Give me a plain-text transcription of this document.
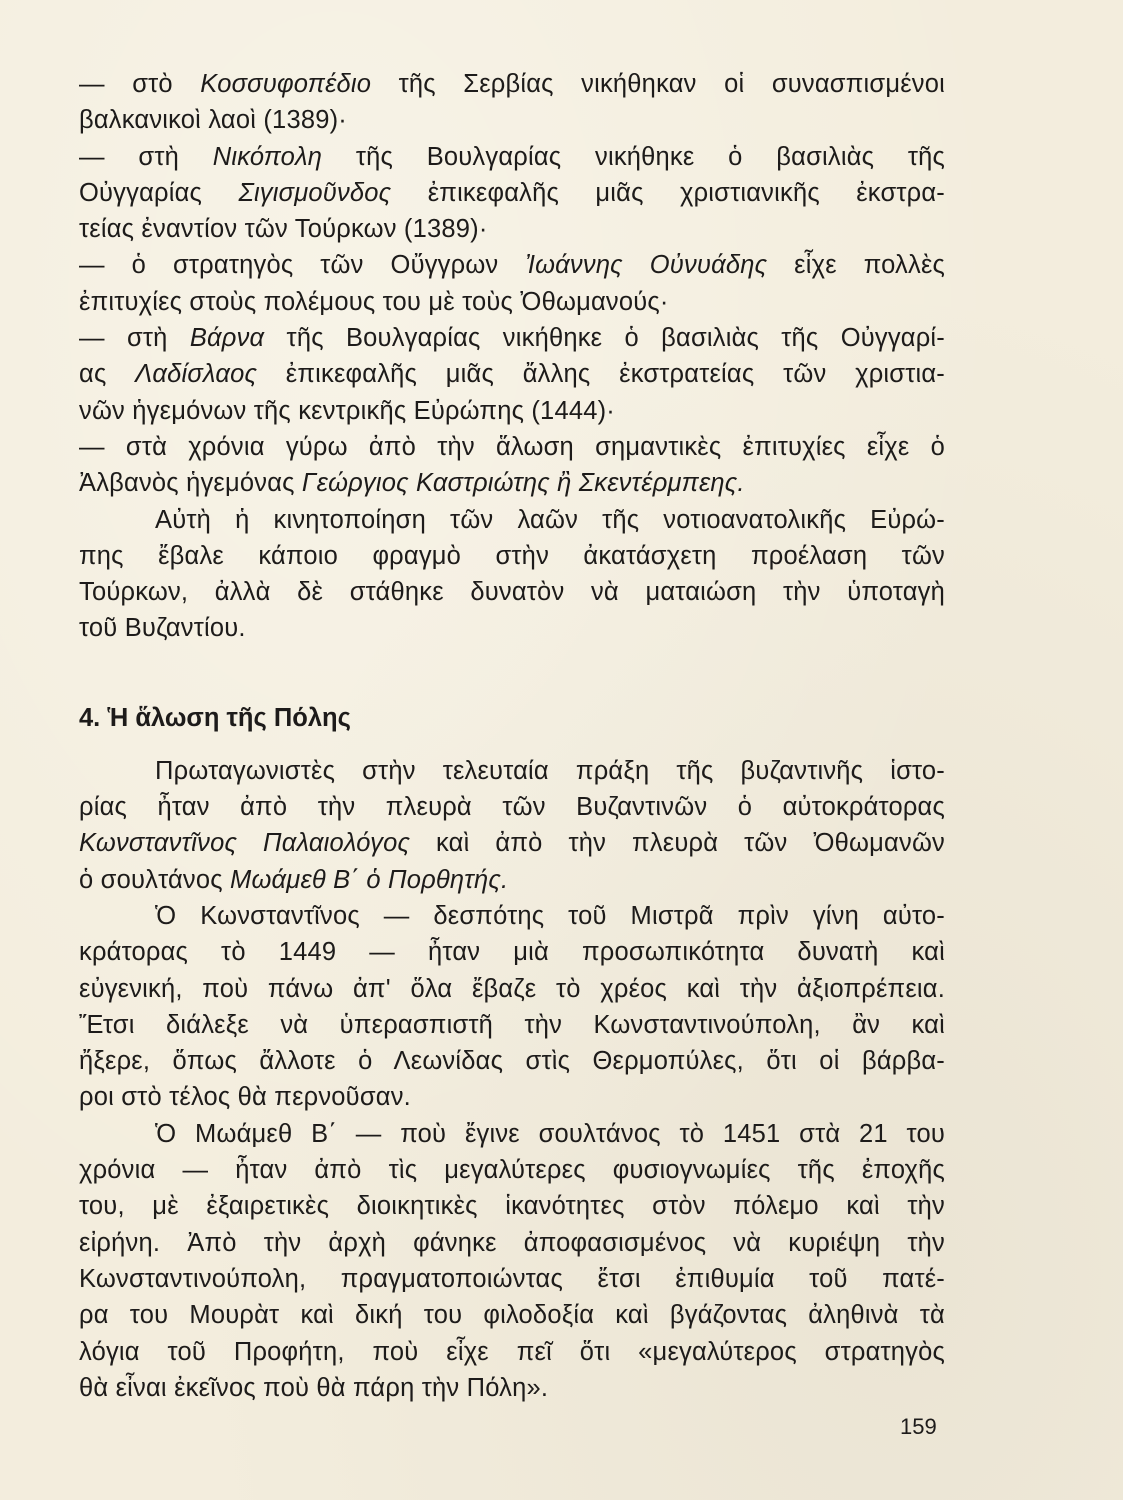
— στὸ Κοσσυφοπέδιο τῆς Σερβίας νικήθηκαν οἱ συνασπισμένοι
βαλκανικοὶ λαοὶ (1389)·
— στὴ Νικόπολη τῆς Βουλγαρίας νικήθηκε ὁ βασιλιὰς τῆς
Οὐγγαρίας Σιγισμοῦνδος ἐπικεφαλῆς μιᾶς χριστιανικῆς ἐκστρα-
τείας ἐναντίον τῶν Τούρκων (1389)·
— ὁ στρατηγὸς τῶν Οὔγγρων Ἰωάννης Οὐνυάδης εἶχε πολλὲς
ἐπιτυχίες στοὺς πολέμους του μὲ τοὺς Ὀθωμανούς·
— στὴ Βάρνα τῆς Βουλγαρίας νικήθηκε ὁ βασιλιὰς τῆς Οὐγγαρί-
ας Λαδίσλαος ἐπικεφαλῆς μιᾶς ἄλλης ἐκστρατείας τῶν χριστια-
νῶν ἡγεμόνων τῆς κεντρικῆς Εὐρώπης (1444)·
— στὰ χρόνια γύρω ἀπὸ τὴν ἅλωση σημαντικὲς ἐπιτυχίες εἶχε ὁ
Ἀλβανὸς ἡγεμόνας Γεώργιος Καστριώτης ἢ Σκεντέρμπεης.
Αὐτὴ ἡ κινητοποίηση τῶν λαῶν τῆς νοτιοανατολικῆς Εὐρώ-
πης ἔβαλε κάποιο φραγμὸ στὴν ἀκατάσχετη προέλαση τῶν
Τούρκων, ἀλλὰ δὲ στάθηκε δυνατὸν νὰ ματαιώση τὴν ὑποταγὴ
τοῦ Βυζαντίου.
4. Ἡ ἅλωση τῆς Πόλης
Πρωταγωνιστὲς στὴν τελευταία πράξη τῆς βυζαντινῆς ἱστο-
ρίας ἦταν ἀπὸ τὴν πλευρὰ τῶν Βυζαντινῶν ὁ αὐτοκράτορας
Κωνσταντῖνος Παλαιολόγος καὶ ἀπὸ τὴν πλευρὰ τῶν Ὀθωμανῶν
ὁ σουλτάνος Μωάμεθ Β΄ ὁ Πορθητής.
Ὁ Κωνσταντῖνος — δεσπότης τοῦ Μιστρᾶ πρὶν γίνη αὐτο-
κράτορας τὸ 1449 — ἦταν μιὰ προσωπικότητα δυνατὴ καὶ
εὐγενική, ποὺ πάνω ἀπ' ὅλα ἔβαζε τὸ χρέος καὶ τὴν ἀξιοπρέπεια.
Ἔτσι διάλεξε νὰ ὑπερασπιστῆ τὴν Κωνσταντινούπολη, ἂν καὶ
ἤξερε, ὅπως ἄλλοτε ὁ Λεωνίδας στὶς Θερμοπύλες, ὅτι οἱ βάρβα-
ροι στὸ τέλος θὰ περνοῦσαν.
Ὁ Μωάμεθ Β΄ — ποὺ ἔγινε σουλτάνος τὸ 1451 στὰ 21 του
χρόνια — ἦταν ἀπὸ τὶς μεγαλύτερες φυσιογνωμίες τῆς ἐποχῆς
του, μὲ ἐξαιρετικὲς διοικητικὲς ἱκανότητες στὸν πόλεμο καὶ τὴν
εἰρήνη. Ἀπὸ τὴν ἀρχὴ φάνηκε ἀποφασισμένος νὰ κυριέψη τὴν
Κωνσταντινούπολη, πραγματοποιώντας ἔτσι ἐπιθυμία τοῦ πατέ-
ρα του Μουρὰτ καὶ δική του φιλοδοξία καὶ βγάζοντας ἀληθινὰ τὰ
λόγια τοῦ Προφήτη, ποὺ εἶχε πεῖ ὅτι «μεγαλύτερος στρατηγὸς
θὰ εἶναι ἐκεῖνος ποὺ θὰ πάρη τὴν Πόλη».
159
